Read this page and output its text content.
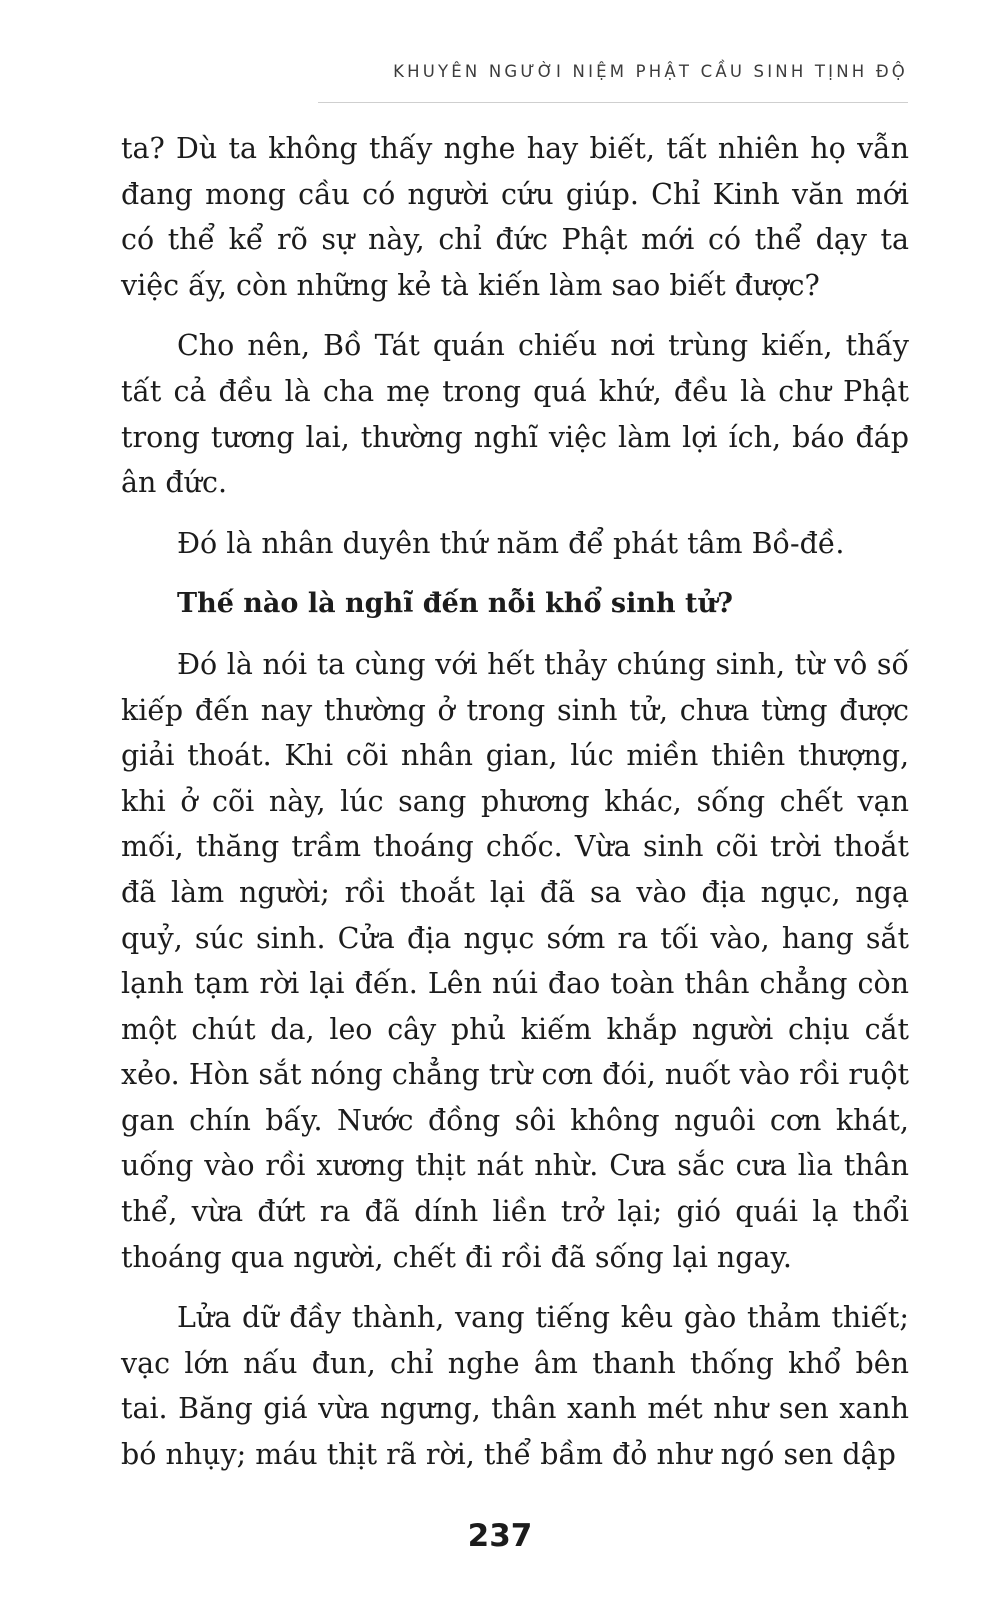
KHUYÊN NGƯỜI NIỆM PHẬT CẦU SINH TỊNH ĐỘ

ta? Dù ta không thấy nghe hay biết, tất nhiên họ vẫn đang mong cầu có người cứu giúp. Chỉ Kinh văn mới có thể kể rõ sự này, chỉ đức Phật mới có thể dạy ta việc ấy, còn những kẻ tà kiến làm sao biết được?

Cho nên, Bồ Tát quán chiếu nơi trùng kiến, thấy tất cả đều là cha mẹ trong quá khứ, đều là chư Phật trong tương lai, thường nghĩ việc làm lợi ích, báo đáp ân đức.

Đó là nhân duyên thứ năm để phát tâm Bồ-đề.

Thế nào là nghĩ đến nỗi khổ sinh tử?

Đó là nói ta cùng với hết thảy chúng sinh, từ vô số kiếp đến nay thường ở trong sinh tử, chưa từng được giải thoát. Khi cõi nhân gian, lúc miền thiên thượng, khi ở cõi này, lúc sang phương khác, sống chết vạn mối, thăng trầm thoáng chốc. Vừa sinh cõi trời thoắt đã làm người; rồi thoắt lại đã sa vào địa ngục, ngạ quỷ, súc sinh. Cửa địa ngục sớm ra tối vào, hang sắt lạnh tạm rời lại đến. Lên núi đao toàn thân chẳng còn một chút da, leo cây phủ kiếm khắp người chịu cắt xẻo. Hòn sắt nóng chẳng trừ cơn đói, nuốt vào rồi ruột gan chín bấy. Nước đồng sôi không nguôi cơn khát, uống vào rồi xương thịt nát nhừ. Cưa sắc cưa lìa thân thể, vừa đứt ra đã dính liền trở lại; gió quái lạ thổi thoáng qua người, chết đi rồi đã sống lại ngay.

Lửa dữ đầy thành, vang tiếng kêu gào thảm thiết; vạc lớn nấu đun, chỉ nghe âm thanh thống khổ bên tai. Băng giá vừa ngưng, thân xanh mét như sen xanh bó nhụy; máu thịt rã rời, thể bầm đỏ như ngó sen dập

237
